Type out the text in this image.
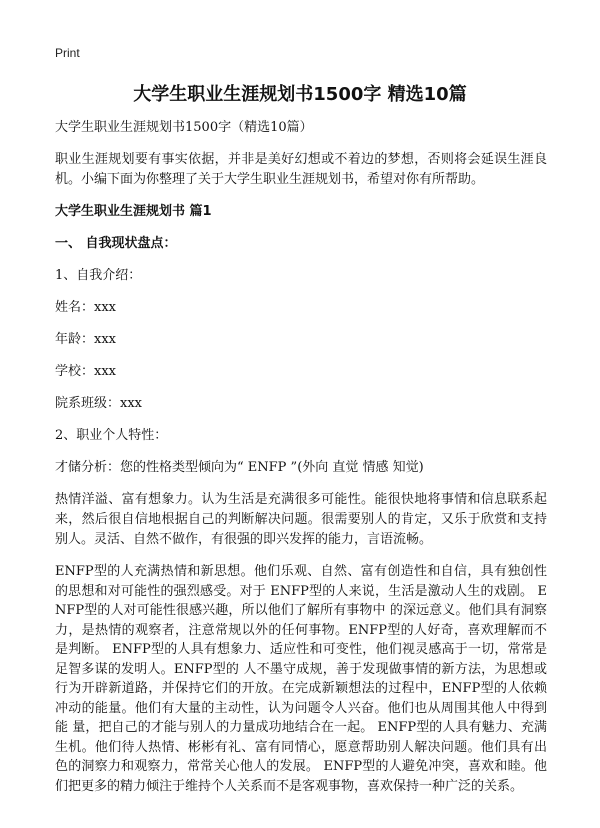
Print
大学生职业生涯规划书1500字 精选10篇

大学生职业生涯规划书1500字（精选10篇）

职业生涯规划要有事实依据，并非是美好幻想或不着边的梦想，否则将会延误生涯良机。小编下面为你整理了关于大学生职业生涯规划书，希望对你有所帮助。

大学生职业生涯规划书 篇1

一、 自我现状盘点：

1、自我介绍：

姓名：xxx

年龄：xxx

学校：xxx

院系班级：xxx

2、职业个人特性：

才储分析：您的性格类型倾向为“ ENFP ”(外向 直觉 情感 知觉)

热情洋溢、富有想象力。认为生活是充满很多可能性。能很快地将事情和信息联系起来，然后很自信地根据自己的判断解决问题。很需要别人的肯定，又乐于欣赏和支持别人。灵活、自然不做作，有很强的即兴发挥的能力，言语流畅。

ENFP型的人充满热情和新思想。他们乐观、自然、富有创造性和自信，具有独创性的思想和对可能性的强烈感受。对于 ENFP型的人来说，生活是激动人生的戏剧。 ENFP型的人对可能性很感兴趣，所以他们了解所有事物中 的深远意义。他们具有洞察力，是热情的观察者，注意常规以外的任何事物。ENFP型的人好奇，喜欢理解而不是判断。 ENFP型的人具有想象力、适应性和可变性，他们视灵感高于一切，常常是足智多谋的发明人。ENFP型的 人不墨守成规，善于发现做事情的新方法，为思想或行为开辟新道路，并保持它们的开放。在完成新颖想法的过程中，ENFP型的人依赖冲动的能量。他们有大量的主动性，认为问题令人兴奋。他们也从周围其他人中得到能 量，把自己的才能与别人的力量成功地结合在一起。 ENFP型的人具有魅力、充满生机。他们待人热情、彬彬有礼、富有同情心，愿意帮助别人解决问题。他们具有出色的洞察力和观察力，常常关心他人的发展。 ENFP型的人避免冲突，喜欢和睦。他们把更多的精力倾注于维持个人关系而不是客观事物，喜欢保持一种广泛的关系。
